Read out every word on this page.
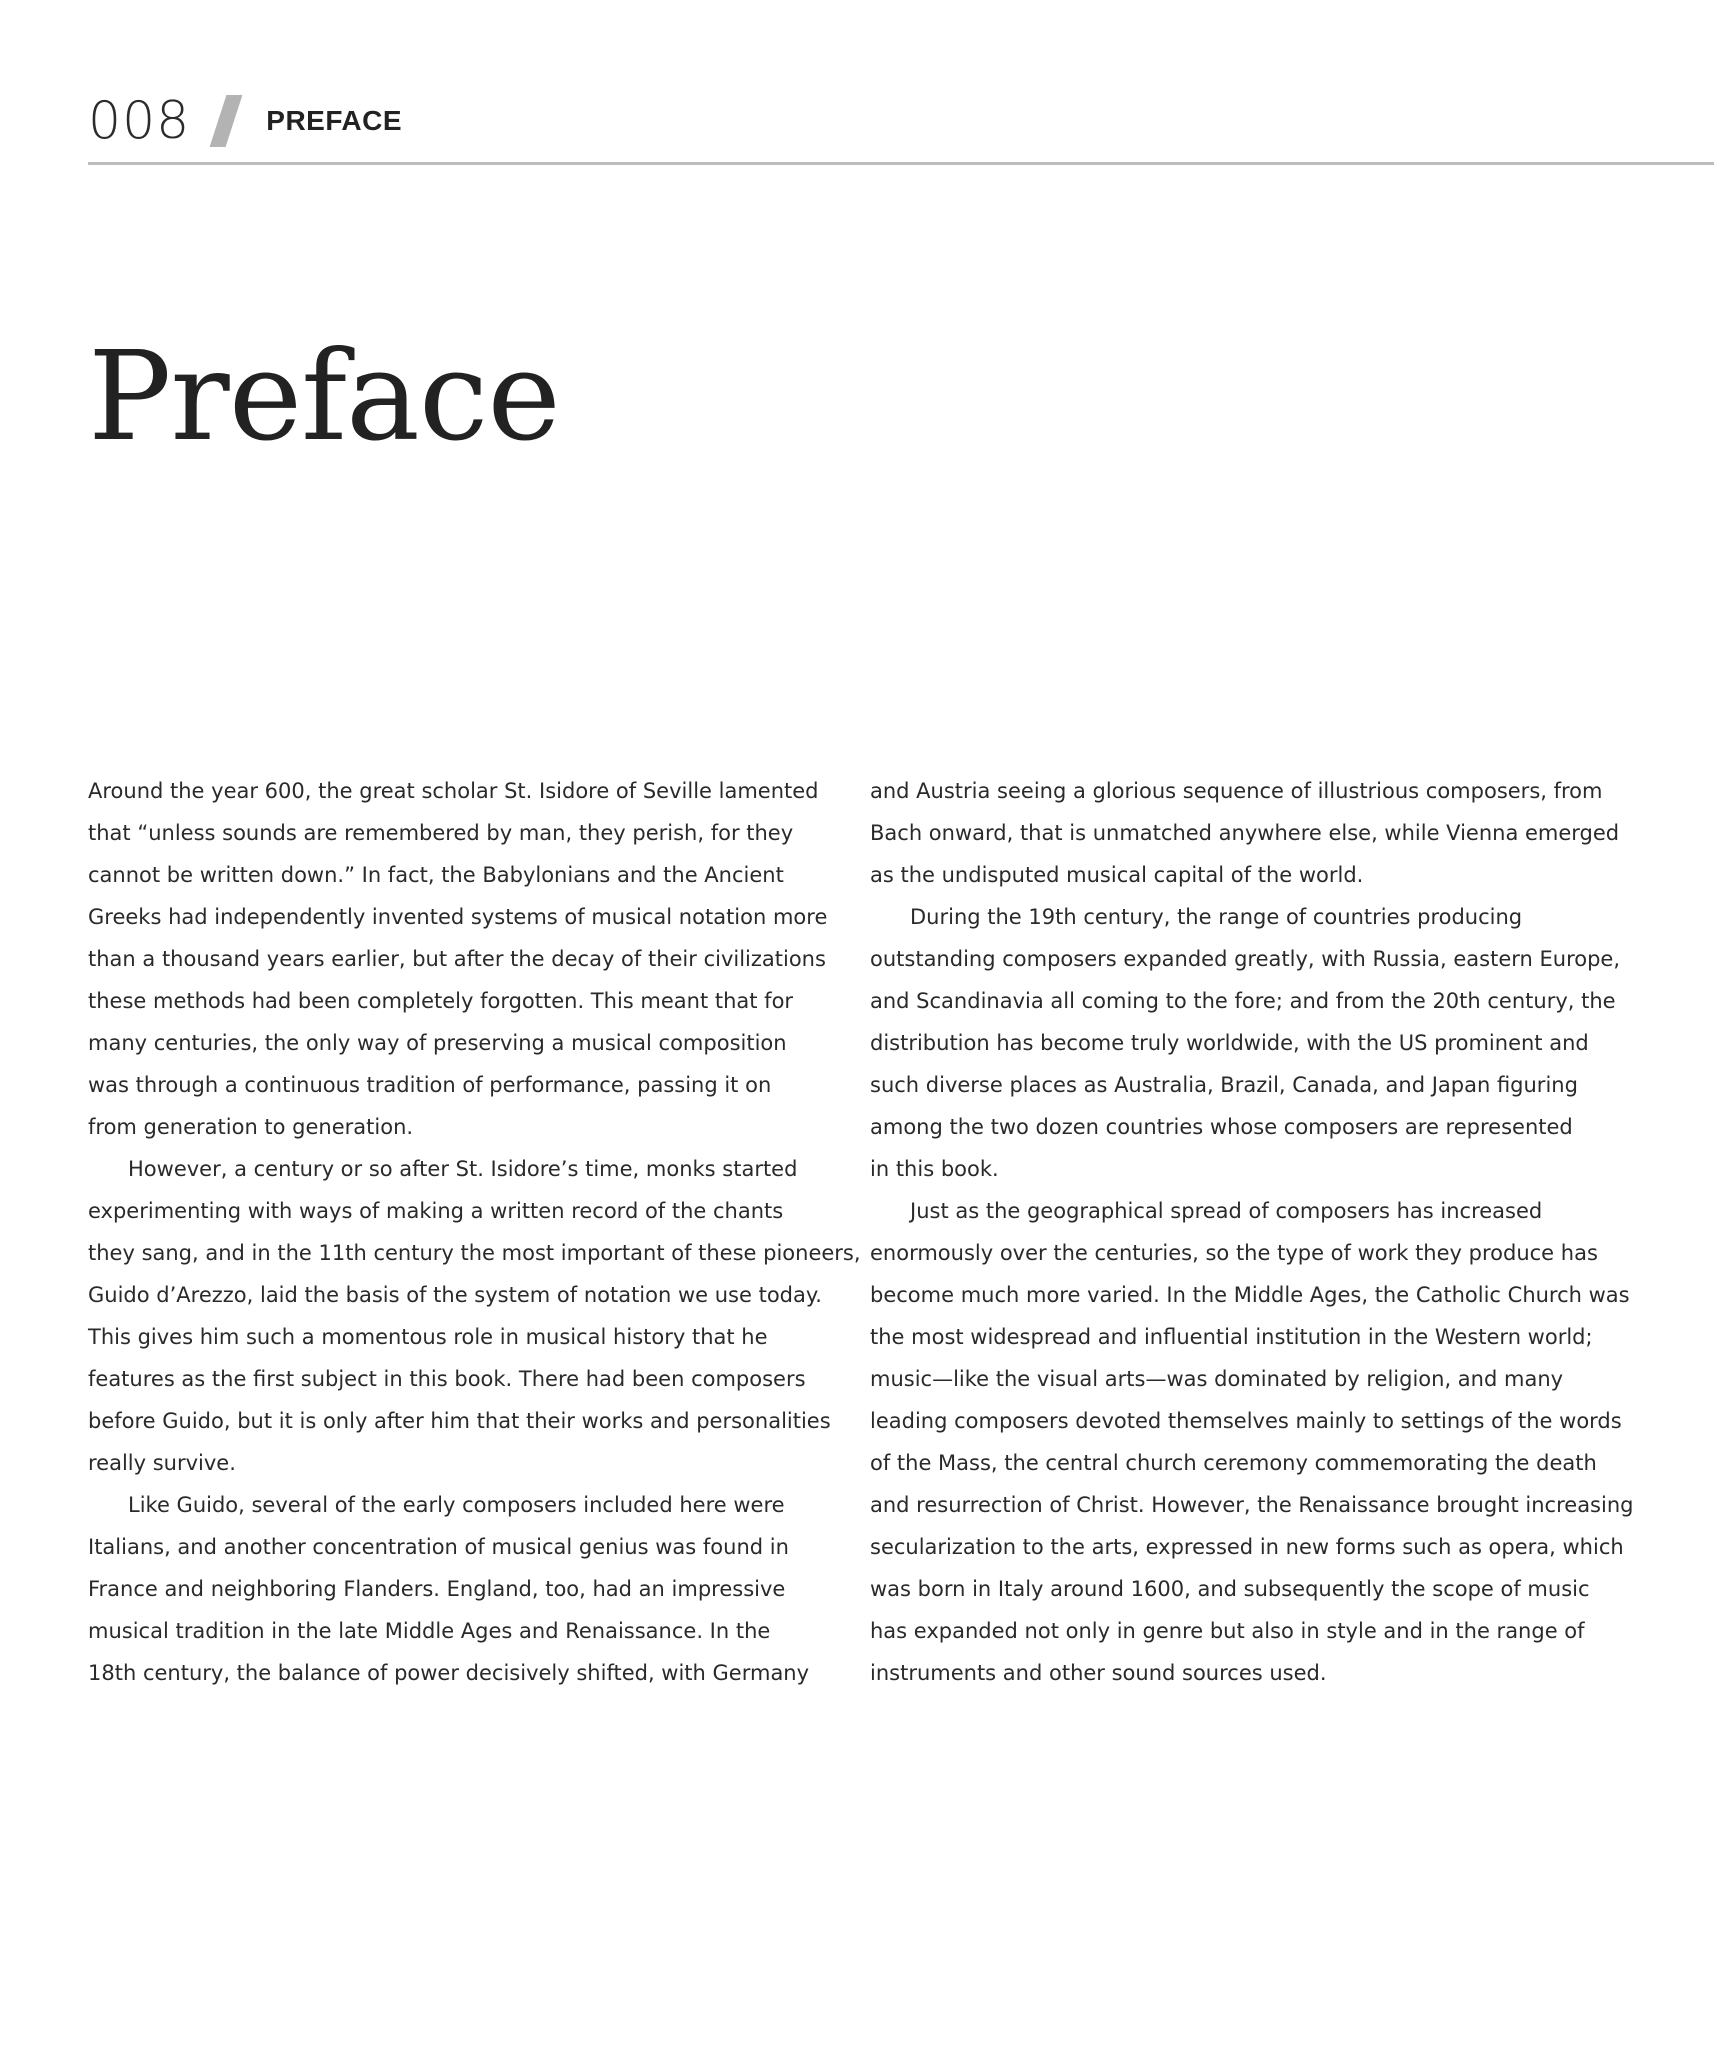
008	PREFACE
Preface
Around the year 600, the great scholar St. Isidore of Seville lamented
that “unless sounds are remembered by man, they perish, for they
cannot be written down.” In fact, the Babylonians and the Ancient
Greeks had independently invented systems of musical notation more
than a thousand years earlier, but after the decay of their civilizations
these methods had been completely forgotten. This meant that for
many centuries, the only way of preserving a musical composition
was through a continuous tradition of performance, passing it on
from generation to generation.
However, a century or so after St. Isidore’s time, monks started
experimenting with ways of making a written record of the chants
they sang, and in the 11th century the most important of these pioneers,
Guido d’Arezzo, laid the basis of the system of notation we use today.
This gives him such a momentous role in musical history that he
features as the first subject in this book. There had been composers
before Guido, but it is only after him that their works and personalities
really survive.
Like Guido, several of the early composers included here were
Italians, and another concentration of musical genius was found in
France and neighboring Flanders. England, too, had an impressive
musical tradition in the late Middle Ages and Renaissance. In the
18th century, the balance of power decisively shifted, with Germany
and Austria seeing a glorious sequence of illustrious composers, from
Bach onward, that is unmatched anywhere else, while Vienna emerged
as the undisputed musical capital of the world.
During the 19th century, the range of countries producing
outstanding composers expanded greatly, with Russia, eastern Europe,
and Scandinavia all coming to the fore; and from the 20th century, the
distribution has become truly worldwide, with the US prominent and
such diverse places as Australia, Brazil, Canada, and Japan figuring
among the two dozen countries whose composers are represented
in this book.
Just as the geographical spread of composers has increased
enormously over the centuries, so the type of work they produce has
become much more varied. In the Middle Ages, the Catholic Church was
the most widespread and influential institution in the Western world;
music—like the visual arts—was dominated by religion, and many
leading composers devoted themselves mainly to settings of the words
of the Mass, the central church ceremony commemorating the death
and resurrection of Christ. However, the Renaissance brought increasing
secularization to the arts, expressed in new forms such as opera, which
was born in Italy around 1600, and subsequently the scope of music
has expanded not only in genre but also in style and in the range of
instruments and other sound sources used.
